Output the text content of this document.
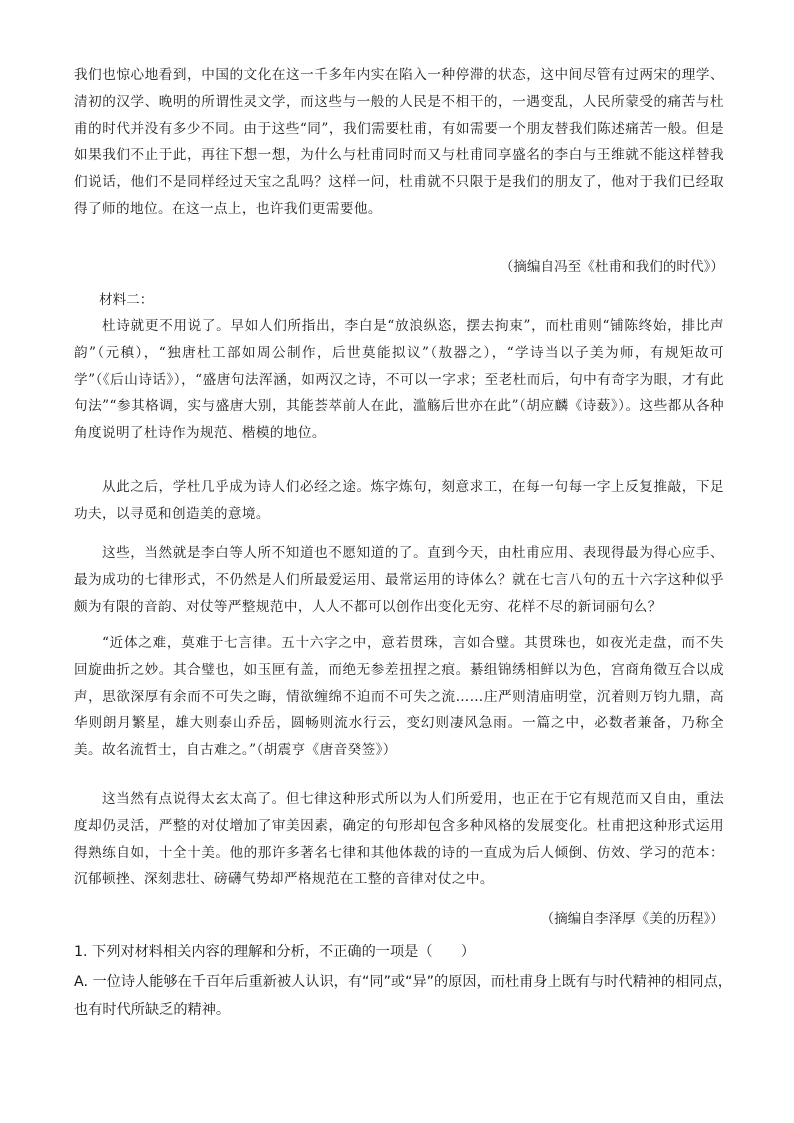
我们也惊心地看到，中国的文化在这一千多年内实在陷入一种停滞的状态，这中间尽管有过两宋的理学、清初的汉学、晚明的所谓性灵文学，而这些与一般的人民是不相干的，一遇变乱，人民所蒙受的痛苦与杜甫的时代并没有多少不同。由于这些“同”，我们需要杜甫，有如需要一个朋友替我们陈述痛苦一般。但是如果我们不止于此，再往下想一想，为什么与杜甫同时而又与杜甫同享盛名的李白与王维就不能这样替我们说话，他们不是同样经过天宝之乱吗？这样一问，杜甫就不只限于是我们的朋友了，他对于我们已经取得了师的地位。在这一点上，也许我们更需要他。
（摘编自冯至《杜甫和我们的时代》）
材料二：
杜诗就更不用说了。早如人们所指出，李白是“放浪纵恣，摆去拘束”，而杜甫则“铺陈终始，排比声韵”（元稹），“独唐杜工部如周公制作，后世莫能拟议”（敖器之），“学诗当以子美为师，有规矩故可学”（《后山诗话》），“盛唐句法浑涵，如两汉之诗，不可以一字求；至老杜而后，句中有奇字为眼，才有此句法”“参其格调，实与盛唐大别，其能荟萃前人在此，滥觞后世亦在此”（胡应麟《诗薮》）。这些都从各种角度说明了杜诗作为规范、楷模的地位。
从此之后，学杜几乎成为诗人们必经之途。炼字炼句，刻意求工，在每一句每一字上反复推敲，下足功夫，以寻觅和创造美的意境。
这些，当然就是李白等人所不知道也不愿知道的了。直到今天，由杜甫应用、表现得最为得心应手、最为成功的七律形式，不仍然是人们所最爱运用、最常运用的诗体么？就在七言八句的五十六字这种似乎颇为有限的音韵、对仗等严整规范中，人人不都可以创作出变化无穷、花样不尽的新词丽句么？
“近体之难，莫难于七言律。五十六字之中，意若贯珠，言如合璧。其贯珠也，如夜光走盘，而不失回旋曲折之妙。其合璧也，如玉匣有盖，而绝无参差扭捏之痕。綦组锦绣相鲜以为色，宫商角徵互合以成声，思欲深厚有余而不可失之晦，情欲缠绵不迫而不可失之流……庄严则清庙明堂，沉着则万钧九鼎，高华则朗月繁星，雄大则泰山乔岳，圆畅则流水行云，变幻则凄风急雨。一篇之中，必数者兼备，乃称全美。故名流哲士，自古难之。”（胡震亨《唐音癸签》）
这当然有点说得太玄太高了。但七律这种形式所以为人们所爱用，也正在于它有规范而又自由，重法度却仍灵活，严整的对仗增加了审美因素，确定的句形却包含多种风格的发展变化。杜甫把这种形式运用得熟练自如，十全十美。他的那许多著名七律和其他体裁的诗的一直成为后人倾倒、仿效、学习的范本：沉郁顿挫、深刻悲壮、磅礴气势却严格规范在工整的音律对仗之中。
（摘编自李泽厚《美的历程》）
1. 下列对材料相关内容的理解和分析，不正确的一项是（　　）
A. 一位诗人能够在千百年后重新被人认识，有“同”或“异”的原因，而杜甫身上既有与时代精神的相同点，也有时代所缺乏的精神。
